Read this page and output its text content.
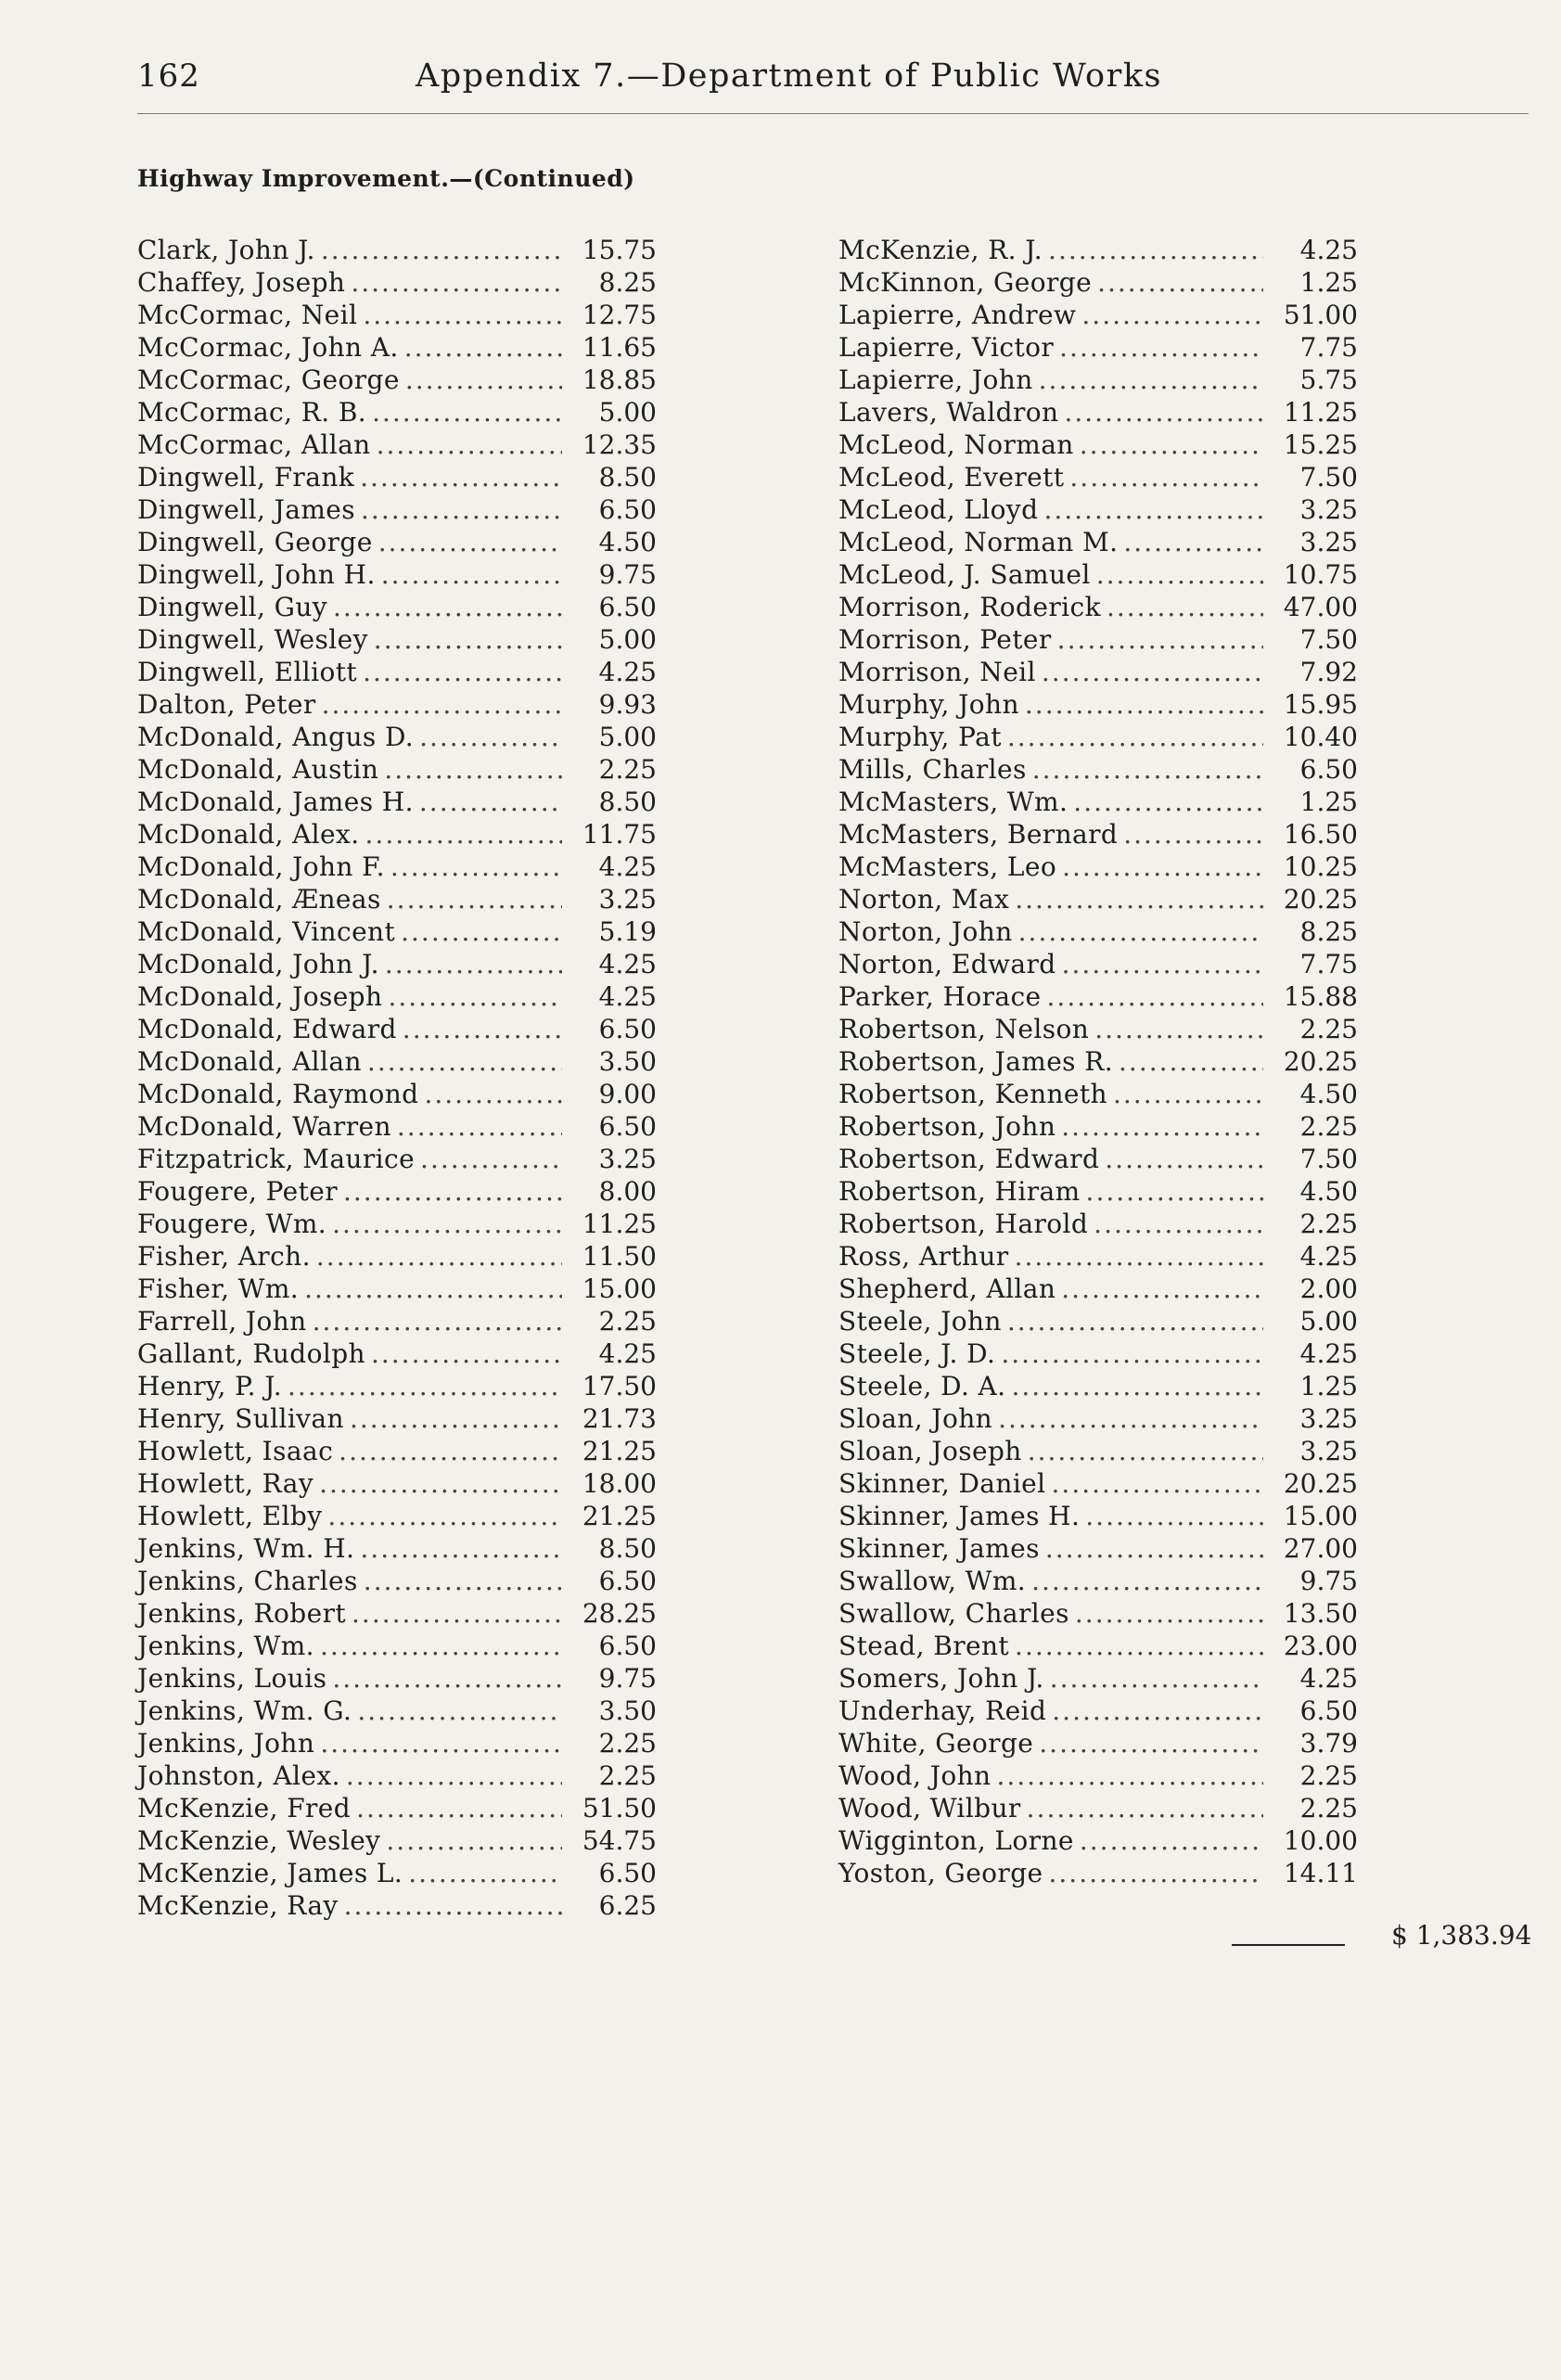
162	Appendix 7.—Department of Public Works
Highway Improvement.—(Continued)
Clark, John J. .....	15.75
Chaffey, Joseph .....	8.25
McCormac, Neil .....	12.75
McCormac, John A. .....	11.65
McCormac, George .....	18.85
McCormac, R. B. .....	5.00
McCormac, Allan .....	12.35
Dingwell, Frank .....	8.50
Dingwell, James .....	6.50
Dingwell, George .....	4.50
Dingwell, John H. .....	9.75
Dingwell, Guy .....	6.50
Dingwell, Wesley .....	5.00
Dingwell, Elliott .....	4.25
Dalton, Peter .....	9.93
McDonald, Angus D. .....	5.00
McDonald, Austin .....	2.25
McDonald, James H. .....	8.50
McDonald, Alex. .....	11.75
McDonald, John F. .....	4.25
McDonald, Æneas .....	3.25
McDonald, Vincent .....	5.19
McDonald, John J. .....	4.25
McDonald, Joseph .....	4.25
McDonald, Edward .....	6.50
McDonald, Allan .....	3.50
McDonald, Raymond .....	9.00
McDonald, Warren .....	6.50
Fitzpatrick, Maurice .....	3.25
Fougere, Peter .....	8.00
Fougere, Wm. .....	11.25
Fisher, Arch. .....	11.50
Fisher, Wm. .....	15.00
Farrell, John .....	2.25
Gallant, Rudolph .....	4.25
Henry, P. J. .....	17.50
Henry, Sullivan .....	21.73
Howlett, Isaac .....	21.25
Howlett, Ray .....	18.00
Howlett, Elby .....	21.25
Jenkins, Wm. H. .....	8.50
Jenkins, Charles .....	6.50
Jenkins, Robert .....	28.25
Jenkins, Wm. .....	6.50
Jenkins, Louis .....	9.75
Jenkins, Wm. G. .....	3.50
Jenkins, John .....	2.25
Johnston, Alex. .....	2.25
McKenzie, Fred .....	51.50
McKenzie, Wesley .....	54.75
McKenzie, James L. .....	6.50
McKenzie, Ray .....	6.25
McKenzie, R. J. .....	4.25
McKinnon, George .....	1.25
Lapierre, Andrew .....	51.00
Lapierre, Victor .....	7.75
Lapierre, John .....	5.75
Lavers, Waldron .....	11.25
McLeod, Norman .....	15.25
McLeod, Everett .....	7.50
McLeod, Lloyd .....	3.25
McLeod, Norman M. .....	3.25
McLeod, J. Samuel .....	10.75
Morrison, Roderick .....	47.00
Morrison, Peter .....	7.50
Morrison, Neil .....	7.92
Murphy, John .....	15.95
Murphy, Pat .....	10.40
Mills, Charles .....	6.50
McMasters, Wm. .....	1.25
McMasters, Bernard .....	16.50
McMasters, Leo .....	10.25
Norton, Max .....	20.25
Norton, John .....	8.25
Norton, Edward .....	7.75
Parker, Horace .....	15.88
Robertson, Nelson .....	2.25
Robertson, James R. .....	20.25
Robertson, Kenneth .....	4.50
Robertson, John .....	2.25
Robertson, Edward .....	7.50
Robertson, Hiram .....	4.50
Robertson, Harold .....	2.25
Ross, Arthur .....	4.25
Shepherd, Allan .....	2.00
Steele, John .....	5.00
Steele, J. D. .....	4.25
Steele, D. A. .....	1.25
Sloan, John .....	3.25
Sloan, Joseph .....	3.25
Skinner, Daniel .....	20.25
Skinner, James H. .....	15.00
Skinner, James .....	27.00
Swallow, Wm. .....	9.75
Swallow, Charles .....	13.50
Stead, Brent .....	23.00
Somers, John J. .....	4.25
Underhay, Reid .....	6.50
White, George .....	3.79
Wood, John .....	2.25
Wood, Wilbur .....	2.25
Wigginton, Lorne .....	10.00
Yoston, George .....	14.11
$ 1,383.94
